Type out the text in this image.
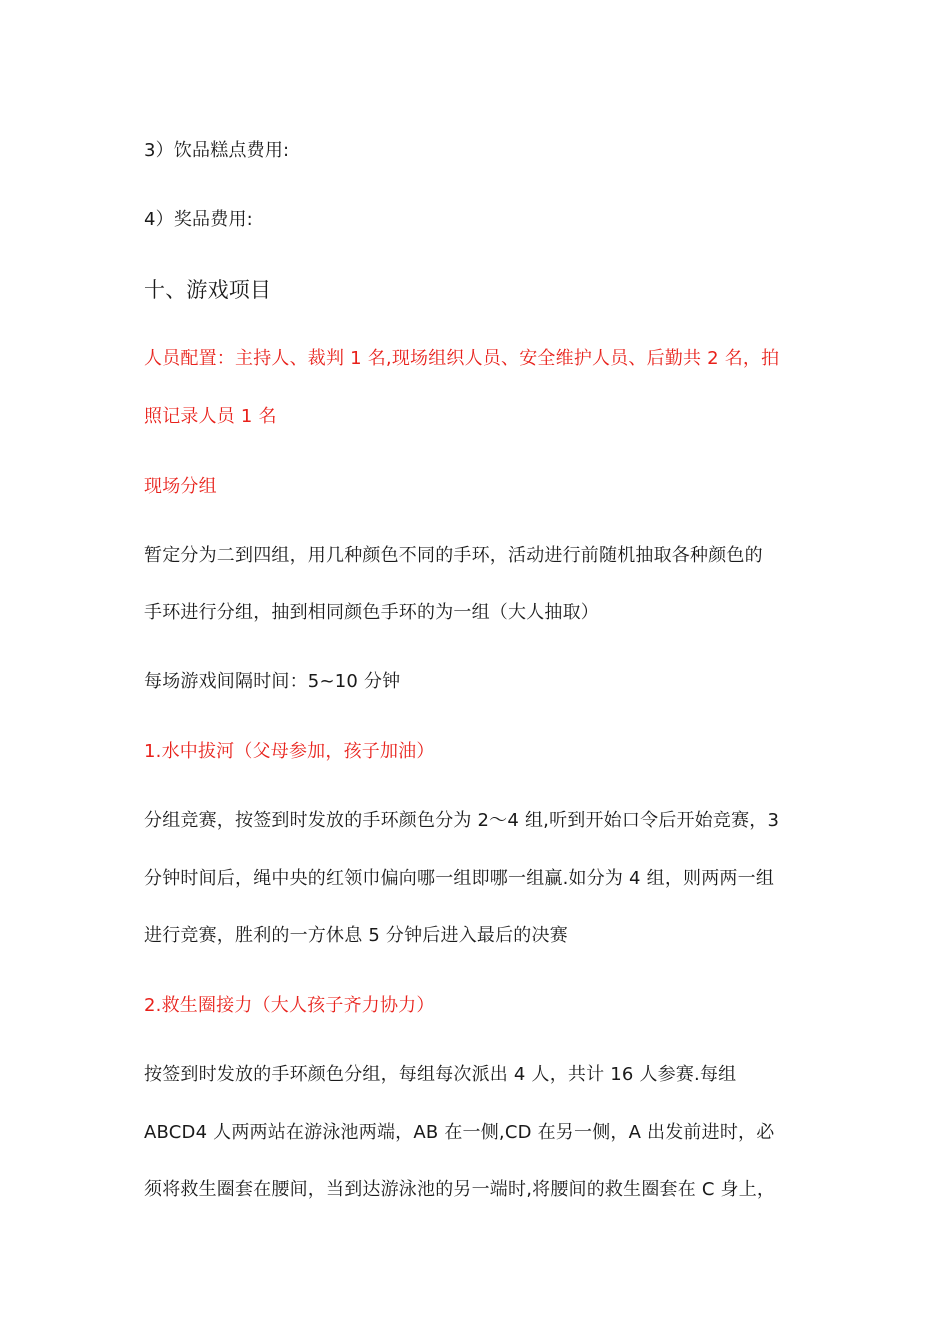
3）饮品糕点费用:
4）奖品费用:
十、游戏项目
人员配置：主持人、裁判 1 名,现场组织人员、安全维护人员、后勤共 2 名，拍
照记录人员 1 名
现场分组
暂定分为二到四组，用几种颜色不同的手环，活动进行前随机抽取各种颜色的
手环进行分组，抽到相同颜色手环的为一组（大人抽取）
每场游戏间隔时间：5~10 分钟
1.水中拔河（父母参加，孩子加油）
分组竞赛，按签到时发放的手环颜色分为 2～4 组,听到开始口令后开始竞赛，3
分钟时间后，绳中央的红领巾偏向哪一组即哪一组赢.如分为 4 组，则两两一组
进行竞赛，胜利的一方休息 5 分钟后进入最后的决赛
2.救生圈接力（大人孩子齐力协力）
按签到时发放的手环颜色分组，每组每次派出 4 人，共计 16 人参赛.每组
ABCD4 人两两站在游泳池两端，AB 在一侧,CD 在另一侧，A 出发前进时，必
须将救生圈套在腰间，当到达游泳池的另一端时,将腰间的救生圈套在 C 身上，
